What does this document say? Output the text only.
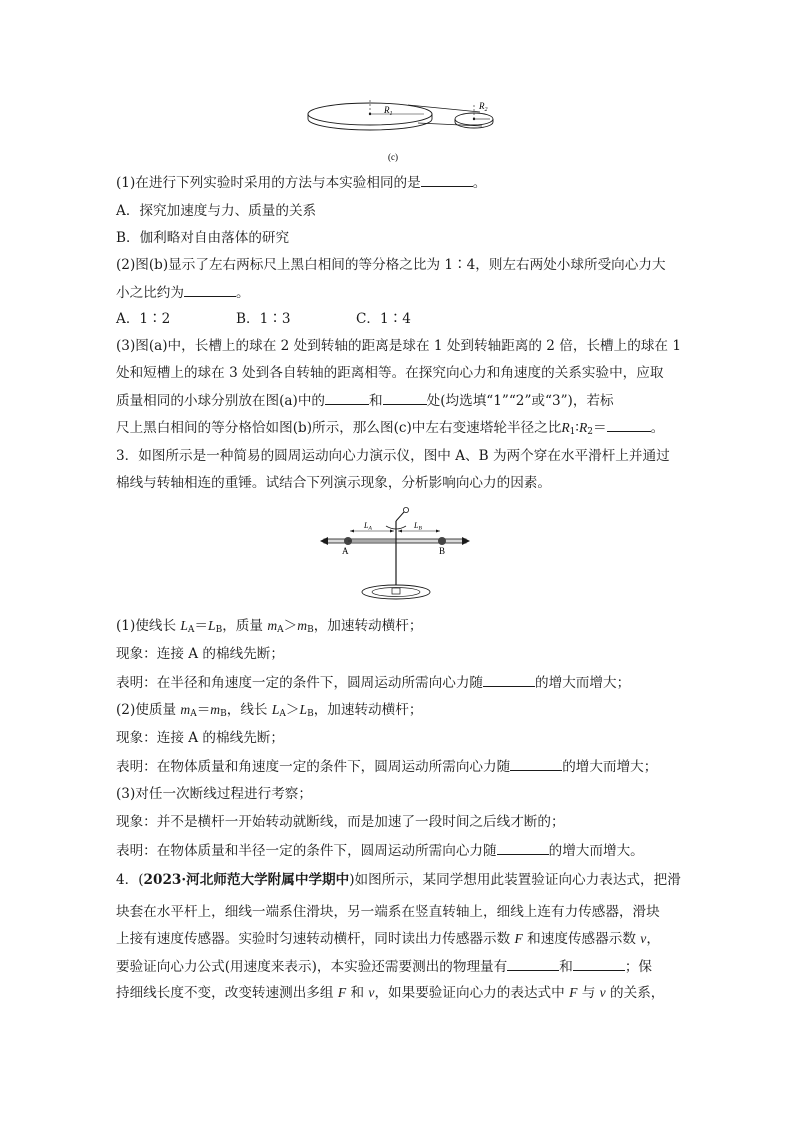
$R_1$
$R_2$
(c)
(1)在进行下列实验时采用的方法与本实验相同的是	。
A．探究加速度与力、质量的关系
B．伽利略对自由落体的研究
(2)图(b)显示了左右两标尺上黑白相间的等分格之比为 1∶4，则左右两处小球所受向心力大
小之比约为	。
A．1∶2	B．1∶3	C．1∶4
(3)图(a)中，长槽上的球在 2 处到转轴的距离是球在 1 处到转轴距离的 2 倍，长槽上的球在 1
处和短槽上的球在 3 处到各自转轴的距离相等。在探究向心力和角速度的关系实验中，应取
质量相同的小球分别放在图(a)中的	和	处(均选填“1”“2”或“3”)，若标
尺上黑白相间的等分格恰如图(b)所示，那么图(c)中左右变速塔轮半径之比$R_1∶R_2=$	。
3．如图所示是一种简易的圆周运动向心力演示仪，图中 A、B 为两个穿在水平滑杆上并通过
棉线与转轴相连的重锤。试结合下列演示现象，分析影响向心力的因素。
LA	LB
A	B
(1)使线长 $L_A=L_B$，质量 $m_A>m_B$，加速转动横杆；
现象：连接 A 的棉线先断；
表明：在半径和角速度一定的条件下，圆周运动所需向心力随	的增大而增大；
(2)使质量 $m_A=m_B$，线长 $L_A>L_B$，加速转动横杆；
现象：连接 A 的棉线先断；
表明：在物体质量和角速度一定的条件下，圆周运动所需向心力随	的增大而增大；
(3)对任一次断线过程进行考察；
现象：并不是横杆一开始转动就断线，而是加速了一段时间之后线才断的；
表明：在物体质量和半径一定的条件下，圆周运动所需向心力随	的增大而增大。
4．(2023·河北师范大学附属中学期中)如图所示，某同学想用此装置验证向心力表达式，把滑
块套在水平杆上，细线一端系住滑块，另一端系在竖直转轴上，细线上连有力传感器，滑块
上接有速度传感器。实验时匀速转动横杆，同时读出力传感器示数 F 和速度传感器示数 v，
要验证向心力公式(用速度来表示)，本实验还需要测出的物理量有	和	；保
持细线长度不变，改变转速测出多组 F 和 v，如果要验证向心力的表达式中 F 与 v 的关系，
